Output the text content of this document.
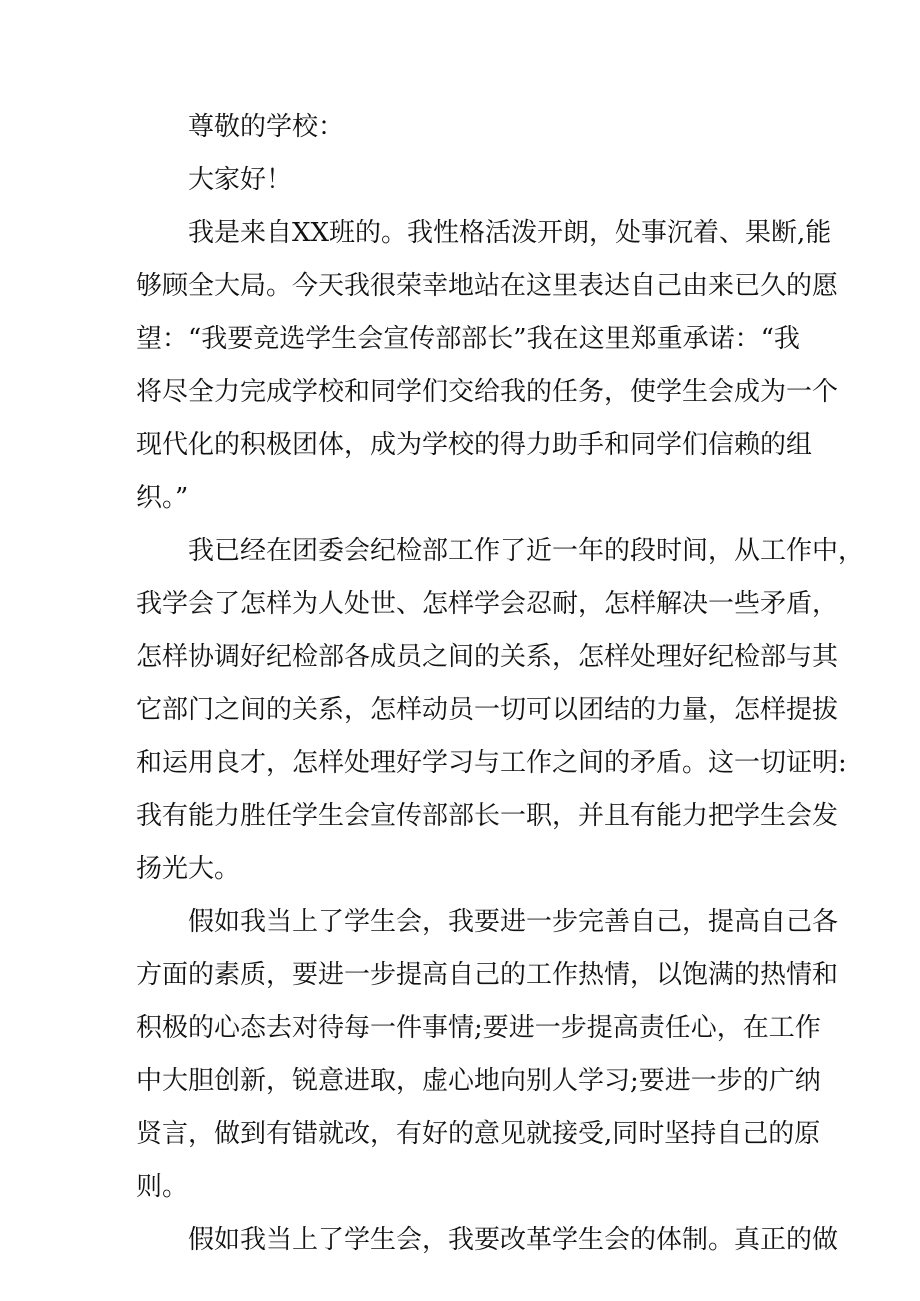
尊敬的学校：
大家好！
我是来自XX班的。我性格活泼开朗，处事沉着、果断,能
够顾全大局。今天我很荣幸地站在这里表达自己由来已久的愿
望：“我要竞选学生会宣传部部长”我在这里郑重承诺：“我
将尽全力完成学校和同学们交给我的任务，使学生会成为一个
现代化的积极团体，成为学校的得力助手和同学们信赖的组
织。”
我已经在团委会纪检部工作了近一年的段时间，从工作中，
我学会了怎样为人处世、怎样学会忍耐，怎样解决一些矛盾，
怎样协调好纪检部各成员之间的关系，怎样处理好纪检部与其
它部门之间的关系，怎样动员一切可以团结的力量，怎样提拔
和运用良才，怎样处理好学习与工作之间的矛盾。这一切证明:
我有能力胜任学生会宣传部部长一职，并且有能力把学生会发
扬光大。
假如我当上了学生会，我要进一步完善自己，提高自己各
方面的素质，要进一步提高自己的工作热情，以饱满的热情和
积极的心态去对待每一件事情;要进一步提高责任心，在工作
中大胆创新，锐意进取，虚心地向别人学习;要进一步的广纳
贤言，做到有错就改，有好的意见就接受,同时坚持自己的原
则。
假如我当上了学生会，我要改革学生会的体制。真正的做
